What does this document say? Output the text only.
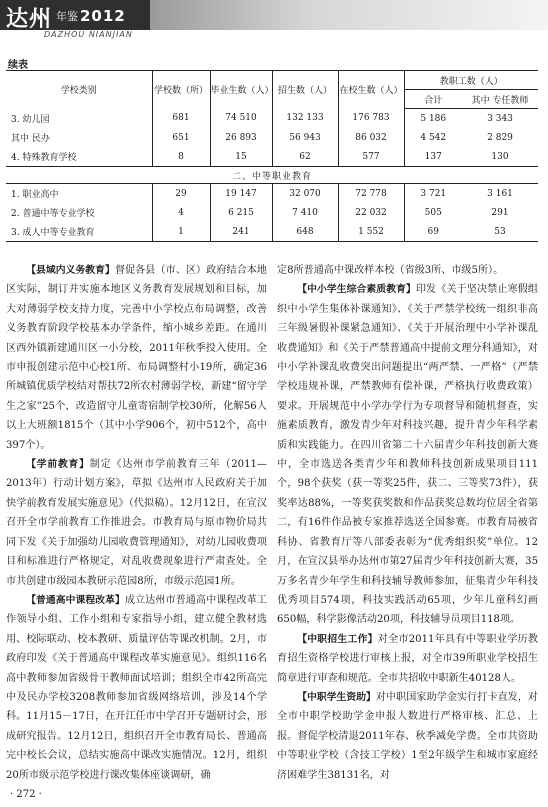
达州 年鉴 2012
DAZHOU NIANJIAN
续表
学校类别	学校数（所）	毕业生数（人）	招生数（人）	在校生数（人）	教职工数（人）	
					合计	其中 专任教师
3. 幼儿园	681	74 510	132 133	176 783	5 186	3 343
其中 民办	651	26 893	56 943	86 032	4 542	2 829
4. 特殊教育学校	8	15	62	577	137	130
二、中等职业教育						
1. 职业高中	29	19 147	32 070	72 778	3 721	3 161
2. 普通中等专业学校	4	6 215	7 410	22 032	505	291
3. 成人中等专业教育	1	241	648	1 552	69	53

【县域内义务教育】督促各县（市、区）政府结合本地区实际，制订并实施本地区义务教育发展规划和目标，加大对薄弱学校支持力度，完善中小学校点布局调整，改善义务教育阶段学校基本办学条件，缩小城乡差距。在通川区西外镇新建通川区一小分校，2011年秋季投入使用。全市申报创建示范中心校1所、布局调整村小19所，确定36所城镇优质学校结对帮扶72所农村薄弱学校，新建“留守学生之家”25个，改造留守儿童寄宿制学校30所，化解56人以上大班额1815个（其中小学906个，初中512个，高中397个）。

【学前教育】制定《达州市学前教育三年（2011—2013年）行动计划方案》，草拟《达州市人民政府关于加快学前教育发展实施意见》（代拟稿）。12月12日，在宣汉召开全市学前教育工作推进会。市教育局与原市物价局共同下发《关于加强幼儿园收费管理通知》，对幼儿园收费项目和标准进行严格规定，对乱收费现象进行严肃查处。全市共创建市级园本教研示范园8所，市级示范园1所。

【普通高中课程改革】成立达州市普通高中课程改革工作领导小组、工作小组和专家指导小组，建立健全教材选用、校际联动、校本教研、质量评估等课改机制。2月，市政府印发《关于普通高中课程改革实施意见》。组织116名高中教师参加省级骨干教师面试培训；组织全市42所高完中及民办学校3208教师参加省级网络培训，涉及14个学科。11月15－17日，在开江任市中学召开专题研讨会，形成研究报告。12月12日，组织召开全市教育局长、普通高完中校长会议，总结实施高中课改实施情况。12月，组织20所市级示范学校进行课改集体座谈调研，确

定8所普通高中课改样本校（省级3所、市级5所）。

【中小学生综合素质教育】印发《关于坚决禁止寒假组织中小学生集体补课通知》、《关于严禁学校统一组织非高三年级暑假补课紧急通知》、《关于开展治理中小学补课乱收费通知》和《关于严禁普通高中提前文理分科通知》，对中小学补课乱收费突出问题提出“两严禁、一严格”（严禁学校违规补课，严禁教师有偿补课，严格执行收费政策）要求。开展规范中小学办学行为专项督导和随机督查，实施素质教育，激发青少年对科技兴趣，提升青少年科学素质和实践能力。在四川省第二十六届青少年科技创新大赛中，全市选送各类青少年和教师科技创新成果项目111个，98个获奖（获一等奖25件，获二、三等奖73件），获奖率达88%，一等奖获奖数和作品获奖总数均位居全省第二，有16件作品被专家推荐选送全国参赛。市教育局被省科协、省教育厅等八部委表彰为“优秀组织奖”单位。12月，在宣汉县举办达州市第27届青少年科技创新大赛，35万多名青少年学生和科技辅导教师参加，征集青少年科技优秀项目574项，科技实践活动65项，少年儿童科幻画650幅，科学影像活动20项，科技辅导员项目118项。

【中职招生工作】对全市2011年具有中等职业学历教育招生资格学校进行审核上报，对全市39所职业学校招生简章进行审查和规范。全市共招收中职新生40128人。

【中职学生资助】对中职国家助学金实行打卡直发，对全市中职学校助学金申报人数进行严格审核、汇总、上报。督促学校清退2011年春、秋季减免学费。全市共资助中等职业学校（含技工学校）1至2年级学生和城市家庭经济困难学生38131名，对

· 272 ·
